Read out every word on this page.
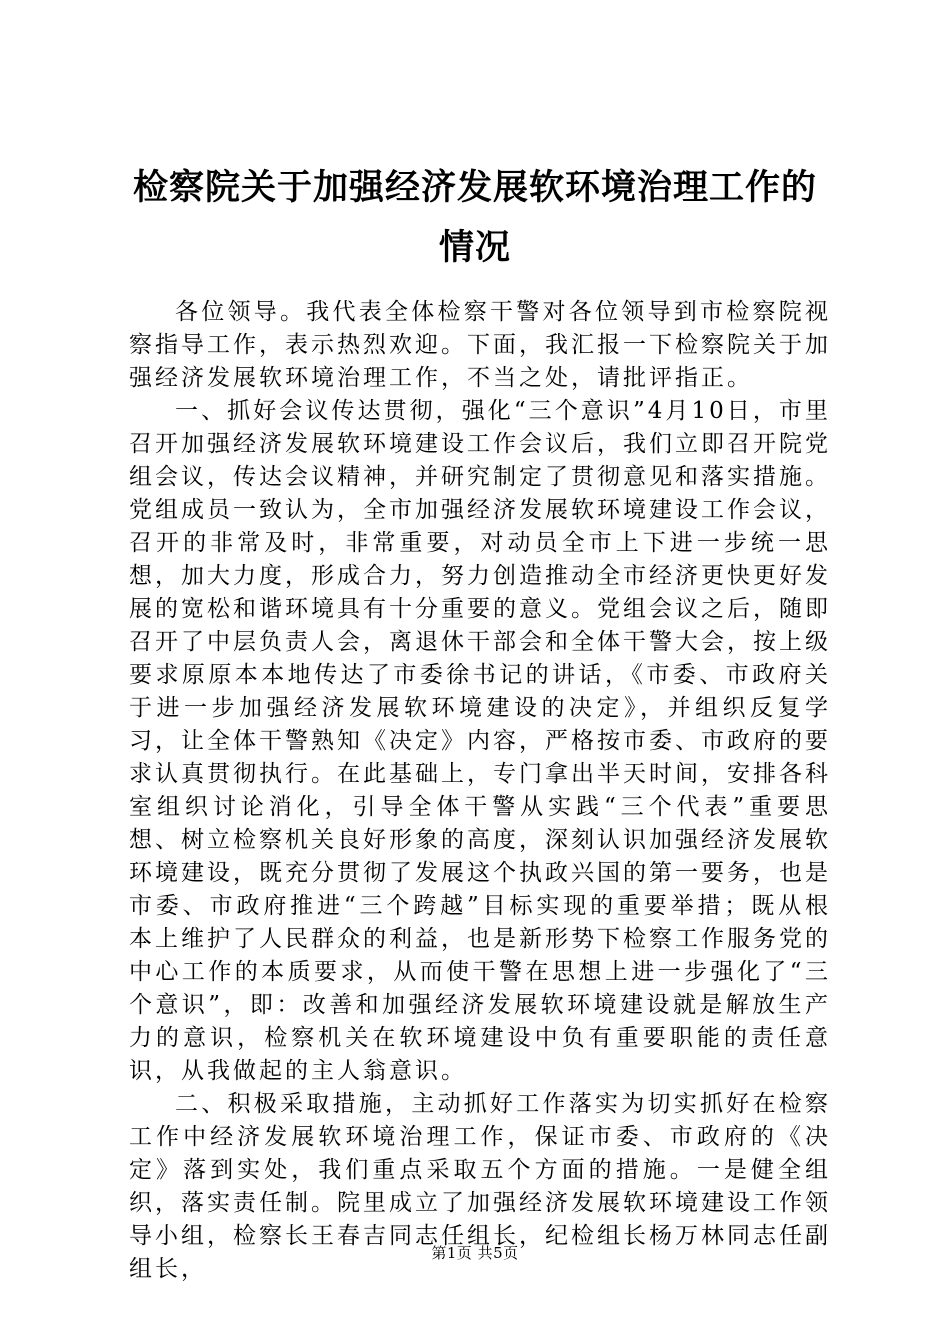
检察院关于加强经济发展软环境治理工作的情况

各位领导。我代表全体检察干警对各位领导到市检察院视察指导工作，表示热烈欢迎。下面，我汇报一下检察院关于加强经济发展软环境治理工作，不当之处，请批评指正。

一、抓好会议传达贯彻，强化“三个意识”4月10日，市里召开加强经济发展软环境建设工作会议后，我们立即召开院党组会议，传达会议精神，并研究制定了贯彻意见和落实措施。党组成员一致认为，全市加强经济发展软环境建设工作会议，召开的非常及时，非常重要，对动员全市上下进一步统一思想，加大力度，形成合力，努力创造推动全市经济更快更好发展的宽松和谐环境具有十分重要的意义。党组会议之后，随即召开了中层负责人会，离退休干部会和全体干警大会，按上级要求原原本本地传达了市委徐书记的讲话，《市委、市政府关于进一步加强经济发展软环境建设的决定》，并组织反复学习，让全体干警熟知《决定》内容，严格按市委、市政府的要求认真贯彻执行。在此基础上，专门拿出半天时间，安排各科室组织讨论消化，引导全体干警从实践“三个代表”重要思想、树立检察机关良好形象的高度，深刻认识加强经济发展软环境建设，既充分贯彻了发展这个执政兴国的第一要务，也是市委、市政府推进“三个跨越”目标实现的重要举措；既从根本上维护了人民群众的利益，也是新形势下检察工作服务党的中心工作的本质要求，从而使干警在思想上进一步强化了“三个意识”，即：改善和加强经济发展软环境建设就是解放生产力的意识，检察机关在软环境建设中负有重要职能的责任意识，从我做起的主人翁意识。

二、积极采取措施，主动抓好工作落实为切实抓好在检察工作中经济发展软环境治理工作，保证市委、市政府的《决定》落到实处，我们重点采取五个方面的措施。一是健全组织，落实责任制。院里成立了加强经济发展软环境建设工作领导小组，检察长王春吉同志任组长，纪检组长杨万林同志任副组长，

第1页 共5页
